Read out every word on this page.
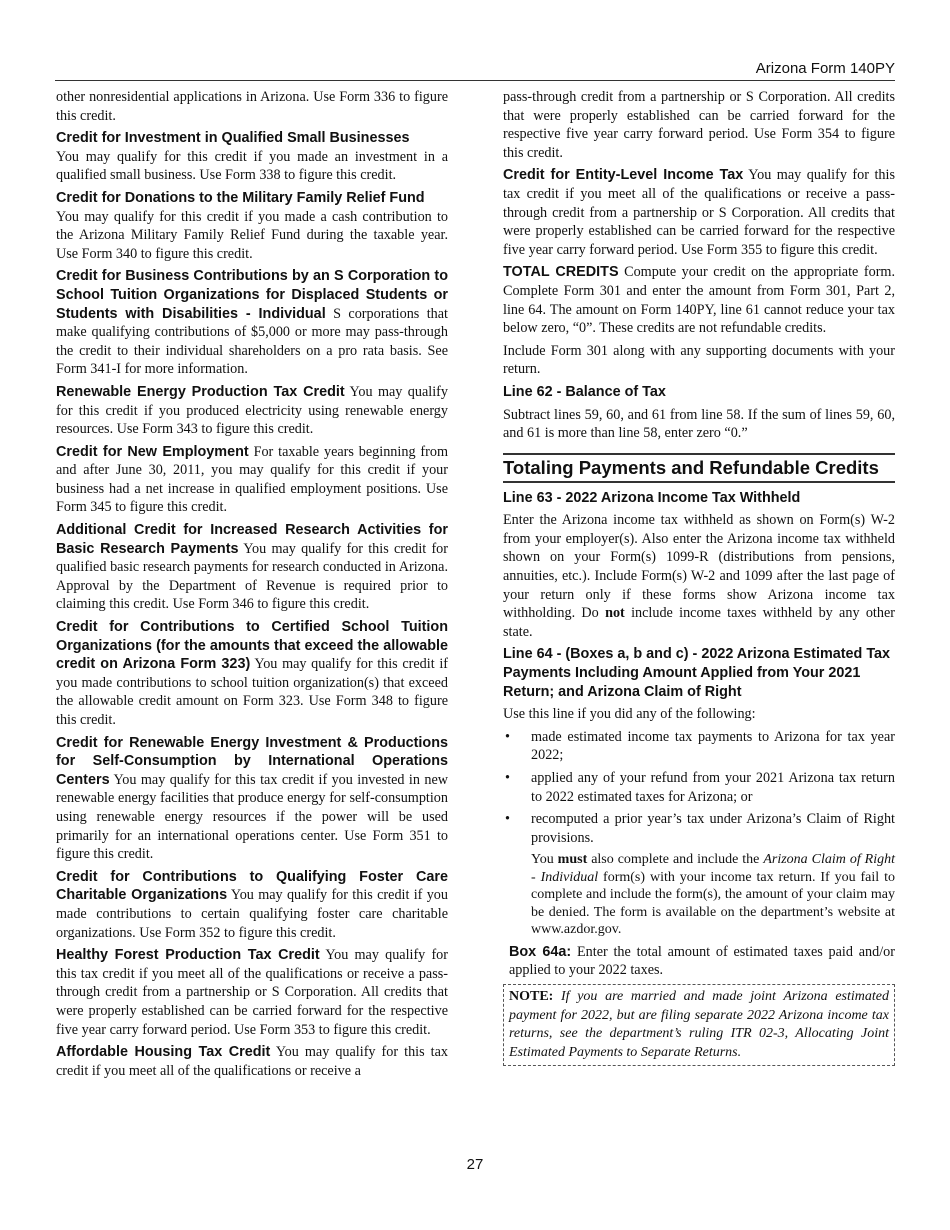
Arizona Form 140PY

other nonresidential applications in Arizona. Use Form 336 to figure this credit.

Credit for Investment in Qualified Small Businesses
You may qualify for this credit if you made an investment in a qualified small business. Use Form 338 to figure this credit.

Credit for Donations to the Military Family Relief Fund
You may qualify for this credit if you made a cash contribution to the Arizona Military Family Relief Fund during the taxable year. Use Form 340 to figure this credit.

Credit for Business Contributions by an S Corporation to School Tuition Organizations for Displaced Students or Students with Disabilities - Individual S corporations that make qualifying contributions of $5,000 or more may pass-through the credit to their individual shareholders on a pro rata basis. See Form 341-I for more information.

Renewable Energy Production Tax Credit You may qualify for this credit if you produced electricity using renewable energy resources. Use Form 343 to figure this credit.

Credit for New Employment For taxable years beginning from and after June 30, 2011, you may qualify for this credit if your business had a net increase in qualified employment positions. Use Form 345 to figure this credit.

Additional Credit for Increased Research Activities for Basic Research Payments You may qualify for this credit for qualified basic research payments for research conducted in Arizona. Approval by the Department of Revenue is required prior to claiming this credit. Use Form 346 to figure this credit.

Credit for Contributions to Certified School Tuition Organizations (for the amounts that exceed the allowable credit on Arizona Form 323) You may qualify for this credit if you made contributions to school tuition organization(s) that exceed the allowable credit amount on Form 323. Use Form 348 to figure this credit.

Credit for Renewable Energy Investment & Productions for Self-Consumption by International Operations Centers You may qualify for this tax credit if you invested in new renewable energy facilities that produce energy for self-consumption using renewable energy resources if the power will be used primarily for an international operations center. Use Form 351 to figure this credit.

Credit for Contributions to Qualifying Foster Care Charitable Organizations You may qualify for this credit if you made contributions to certain qualifying foster care charitable organizations. Use Form 352 to figure this credit.

Healthy Forest Production Tax Credit You may qualify for this tax credit if you meet all of the qualifications or receive a pass-through credit from a partnership or S Corporation. All credits that were properly established can be carried forward for the respective five year carry forward period. Use Form 353 to figure this credit.

Affordable Housing Tax Credit You may qualify for this tax credit if you meet all of the qualifications or receive a

pass-through credit from a partnership or S Corporation. All credits that were properly established can be carried forward for the respective five year carry forward period. Use Form 354 to figure this credit.

Credit for Entity-Level Income Tax You may qualify for this tax credit if you meet all of the qualifications or receive a pass-through credit from a partnership or S Corporation. All credits that were properly established can be carried forward for the respective five year carry forward period. Use Form 355 to figure this credit.

TOTAL CREDITS Compute your credit on the appropriate form. Complete Form 301 and enter the amount from Form 301, Part 2, line 64. The amount on Form 140PY, line 61 cannot reduce your tax below zero, “0”. These credits are not refundable credits.

Include Form 301 along with any supporting documents with your return.

Line 62 - Balance of Tax

Subtract lines 59, 60, and 61 from line 58. If the sum of lines 59, 60, and 61 is more than line 58, enter zero “0.”

Totaling Payments and Refundable Credits
Line 63 - 2022 Arizona Income Tax Withheld

Enter the Arizona income tax withheld as shown on Form(s) W-2 from your employer(s). Also enter the Arizona income tax withheld shown on your Form(s) 1099-R (distributions from pensions, annuities, etc.). Include Form(s) W-2 and 1099 after the last page of your return only if these forms show Arizona income tax withholding. Do not include income taxes withheld by any other state.

Line 64 - (Boxes a, b and c) - 2022 Arizona Estimated Tax Payments Including Amount Applied from Your 2021 Return; and Arizona Claim of Right

Use this line if you did any of the following:

• made estimated income tax payments to Arizona for tax year 2022;
• applied any of your refund from your 2021 Arizona tax return to 2022 estimated taxes for Arizona; or
• recomputed a prior year’s tax under Arizona’s Claim of Right provisions.

You must also complete and include the Arizona Claim of Right - Individual form(s) with your income tax return. If you fail to complete and include the form(s), the amount of your claim may be denied. The form is available on the department’s website at www.azdor.gov.

Box 64a: Enter the total amount of estimated taxes paid and/or applied to your 2022 taxes.

NOTE: If you are married and made joint Arizona estimated payment for 2022, but are filing separate 2022 Arizona income tax returns, see the department’s ruling ITR 02-3, Allocating Joint Estimated Payments to Separate Returns.
27
